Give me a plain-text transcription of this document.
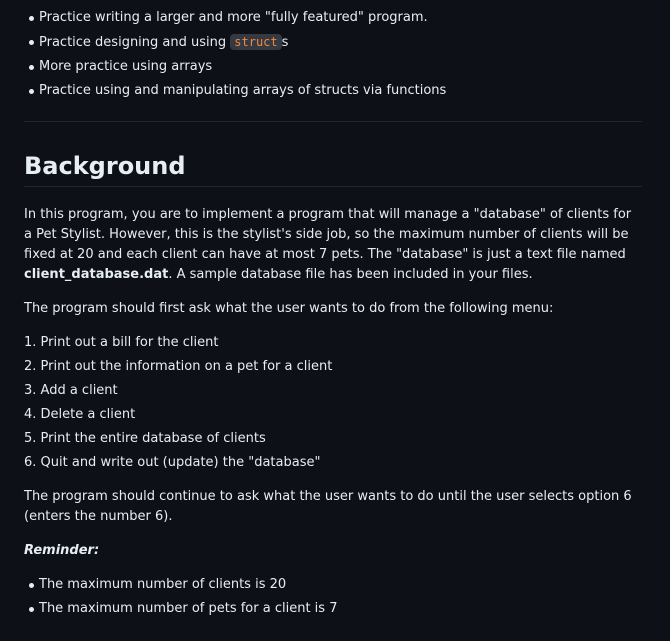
Practice writing a larger and more "fully featured" program.
Practice designing and using struct s
More practice using arrays
Practice using and manipulating arrays of structs via functions
Background

In this program, you are to implement a program that will manage a "database" of clients for a Pet Stylist. However, this is the stylist's side job, so the maximum number of clients will be fixed at 20 and each client can have at most 7 pets. The "database" is just a text file named client_database.dat. A sample database file has been included in your files.

The program should first ask what the user wants to do from the following menu:

1. Print out a bill for the client
2. Print out the information on a pet for a client
3. Add a client
4. Delete a client
5. Print the entire database of clients
6. Quit and write out (update) the "database"

The program should continue to ask what the user wants to do until the user selects option 6 (enters the number 6).

Reminder:

The maximum number of clients is 20
The maximum number of pets for a client is 7
